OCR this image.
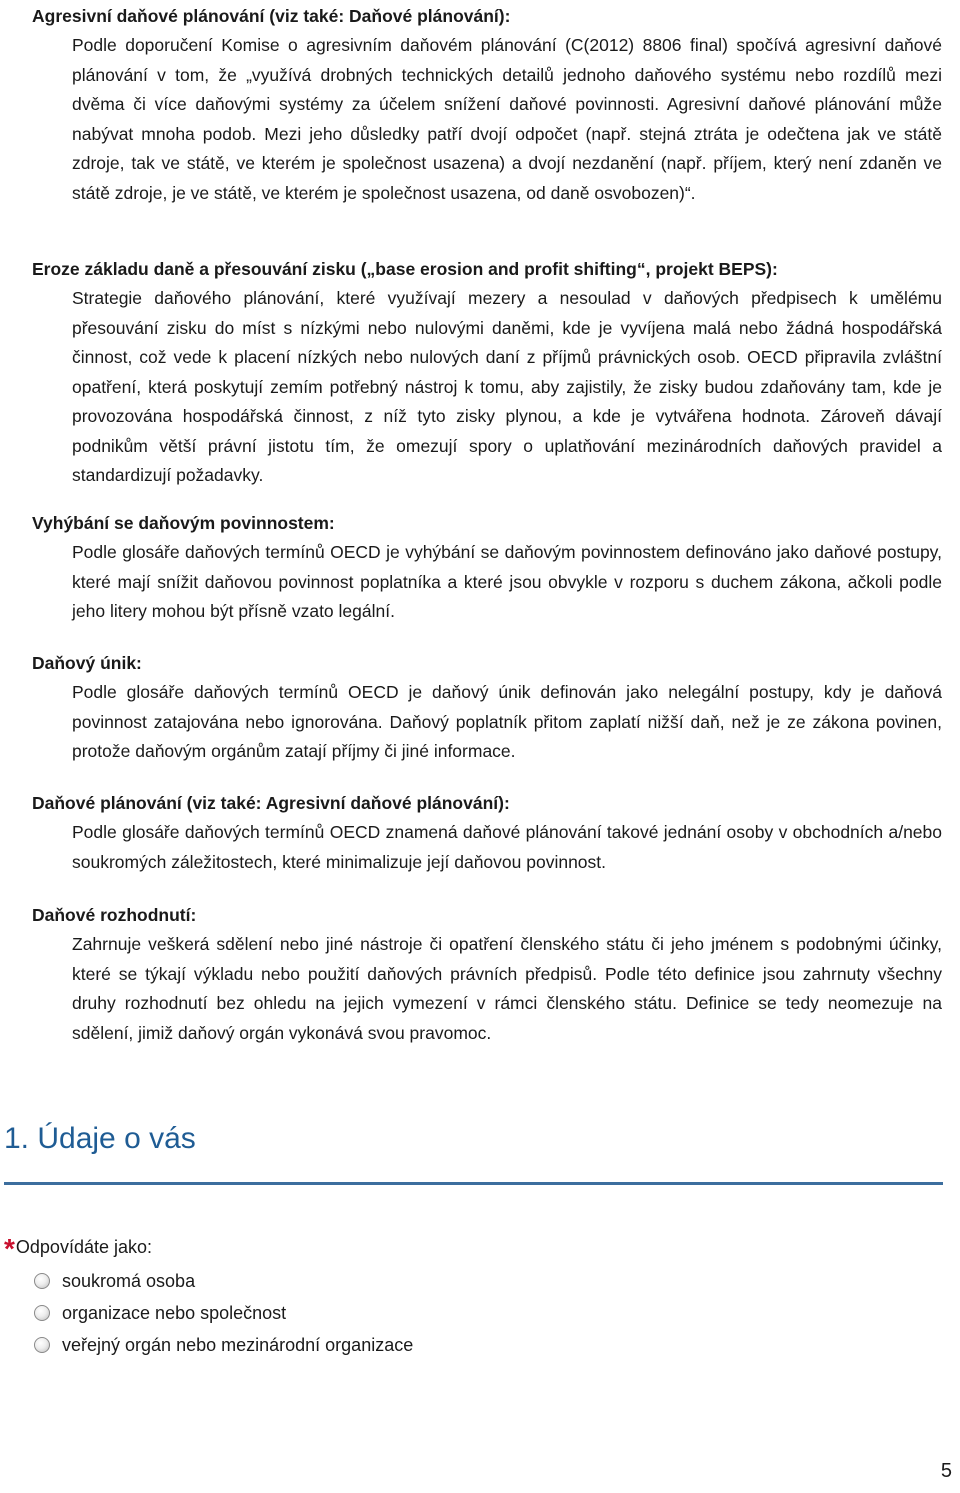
Agresivní daňové plánování (viz také: Daňové plánování):

Podle doporučení Komise o agresivním daňovém plánování (C(2012) 8806 final) spočívá agresivní daňové plánování v tom, že „využívá drobných technických detailů jednoho daňového systému nebo rozdílů mezi dvěma či více daňovými systémy za účelem snížení daňové povinnosti. Agresivní daňové plánování může nabývat mnoha podob. Mezi jeho důsledky patří dvojí odpočet (např. stejná ztráta je odečtena jak ve státě zdroje, tak ve státě, ve kterém je společnost usazena) a dvojí nezdanění (např. příjem, který není zdaněn ve státě zdroje, je ve státě, ve kterém je společnost usazena, od daně osvobozen)“.

Eroze základu daně a přesouvání zisku („base erosion and profit shifting“, projekt BEPS):

Strategie daňového plánování, které využívají mezery a nesoulad v daňových předpisech k umělému přesouvání zisku do míst s nízkými nebo nulovými daněmi, kde je vyvíjena malá nebo žádná hospodářská činnost, což vede k placení nízkých nebo nulových daní z příjmů právnických osob. OECD připravila zvláštní opatření, která poskytují zemím potřebný nástroj k tomu, aby zajistily, že zisky budou zdaňovány tam, kde je provozována hospodářská činnost, z níž tyto zisky plynou, a kde je vytvářena hodnota. Zároveň dávají podnikům větší právní jistotu tím, že omezují spory o uplatňování mezinárodních daňových pravidel a standardizují požadavky.

Vyhýbání se daňovým povinnostem:

Podle glosáře daňových termínů OECD je vyhýbání se daňovým povinnostem definováno jako daňové postupy, které mají snížit daňovou povinnost poplatníka a které jsou obvykle v rozporu s duchem zákona, ačkoli podle jeho litery mohou být přísně vzato legální.

Daňový únik:

Podle glosáře daňových termínů OECD je daňový únik definován jako nelegální postupy, kdy je daňová povinnost zatajována nebo ignorována. Daňový poplatník přitom zaplatí nižší daň, než je ze zákona povinen, protože daňovým orgánům zatají příjmy či jiné informace.

Daňové plánování (viz také: Agresivní daňové plánování):

Podle glosáře daňových termínů OECD znamená daňové plánování takové jednání osoby v obchodních a/nebo soukromých záležitostech, které minimalizuje její daňovou povinnost.

Daňové rozhodnutí:

Zahrnuje veškerá sdělení nebo jiné nástroje či opatření členského státu či jeho jménem s podobnými účinky, které se týkají výkladu nebo použití daňových právních předpisů. Podle této definice jsou zahrnuty všechny druhy rozhodnutí bez ohledu na jejich vymezení v rámci členského státu. Definice se tedy neomezuje na sdělení, jimiž daňový orgán vykonává svou pravomoc.

1. Údaje o vás
*Odpovídáte jako:
soukromá osoba
organizace nebo společnost
veřejný orgán nebo mezinárodní organizace
5
